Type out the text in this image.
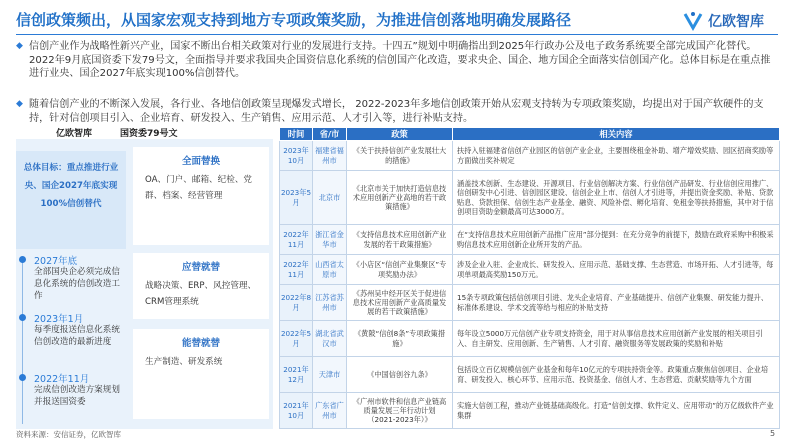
信创政策频出，从国家宏观支持到地方专项政策奖励，为推进信创落地明确发展路径	亿欧智库
◆ 信创产业作为战略性新兴产业，国家不断出台相关政策对行业的发展进行支持。十四五”规划中明确指出到2025年行政办公及电子政务系统要全部完成国产化替代。2022年9月底国资委下发79号文，全面指导并要求我国央企国资信息化系统的信创国产化改造，要求央企、国企、地方国企全面落实信创国产化。总体目标是在重点推进行业央、国企2027年底实现100%信创替代。
◆ 随着信创产业的不断深入发展，各行业、各地信创政策呈现爆发式增长， 2022-2023年多地信创政策开始从宏观支持转为专项政策奖励，均提出对于国产软硬件的支持，针对信创项目引入、企业培育、研发投入、生产销售、应用示范、人才引入等，进行补贴支持。
亿欧智库	国资委79号文
总体目标：重点推进行业央、国企2027年底实现100%信创替代
2027年底
全部国央企必须完成信息化系统的信创改造工作
2023年1月
每季度报送信息化系统信创改造的最新进度
2022年11月
完成信创改造方案规划并报送国资委
全面替换
OA、门户、邮箱、纪检、党群、档案、经营管理
应替就替
战略决策、ERP、风控管理、CRM管理系统
能替就替
生产制造、研发系统
时间	省/市	政策	相关内容
2023年10月	福建省福州市	《关于扶持信创产业发展壮大的措施》	扶持入驻福建省信创产业园区的信创产业企业，主要围绕租金补助、增产增效奖励、园区招商奖励等方面做出奖补规定
2023年5月	北京市	《北京市关于加快打造信息技术应用创新产业高地的若干政策措施》	涵盖技术创新、生态建设、开源项目、行业信创解决方案、行业信创产品研发、行业信创应用推广、信创研发中心引进、信创园区建设、信创企业上市、信创人才引进等，并提出资金奖励、补贴、贷款贴息、贷款担保、信创生态产业基金、融资、风险补偿、孵化培育、免租金等扶持措施，其中对于信创项目资助金额最高可达3000万。
2022年11月	浙江省金华市	《支持信息技术应用创新产业发展的若干政策措施》	在“支持信息技术应用创新产品推广应用”部分提到：在充分竞争的前提下，鼓励在政府采购中积极采购信息技术应用创新企业所开发的产品。
2022年11月	山西省太原市	《小店区“信创产业集聚区”专项奖励办法》	涉及企业入驻、企业成长、研发投入、应用示范、基础支撑、生态营造、市场开拓、人才引进等，每项单项最高奖励150万元。
2022年8月	江苏省苏州市	《苏州吴中经开区关于促进信息技术应用创新产业高质量发展的若干政策措施》	15条专项政策包括信创项目引进、龙头企业培育、产业基础提升、信创产业集聚、研发能力提升、标准体系建设、学术交流等给与相应的补贴支持
2022年5月	湖北省武汉市	《黄陂“信创8条”专项政策措施》	每年设立5000万元信创产业专项支持资金，用于对从事信息技术应用创新产业发展的相关项目引入、自主研发、应用创新、生产销售、人才引育、融资服务等发展政策的奖励和补贴
2021年12月	天津市	《中国信创谷九条》	包括设立百亿规模信创产业基金和每年10亿元的专项扶持资金等。政策重点聚焦信创项目、企业培育、研发投入、核心环节、应用示范、投资基金、信创人才、生态营造、贡献奖励等九个方面
2021年10月	广东省广州市	《广州市软件和信息产业链高质量发展三年行动计划（2021-2023年）》	实施大信创工程，推动产业链基础高级化。打造“信创支撑、软件定义、应用带动”的万亿级软件产业集群
资料来源：安信证券，亿欧智库	5
